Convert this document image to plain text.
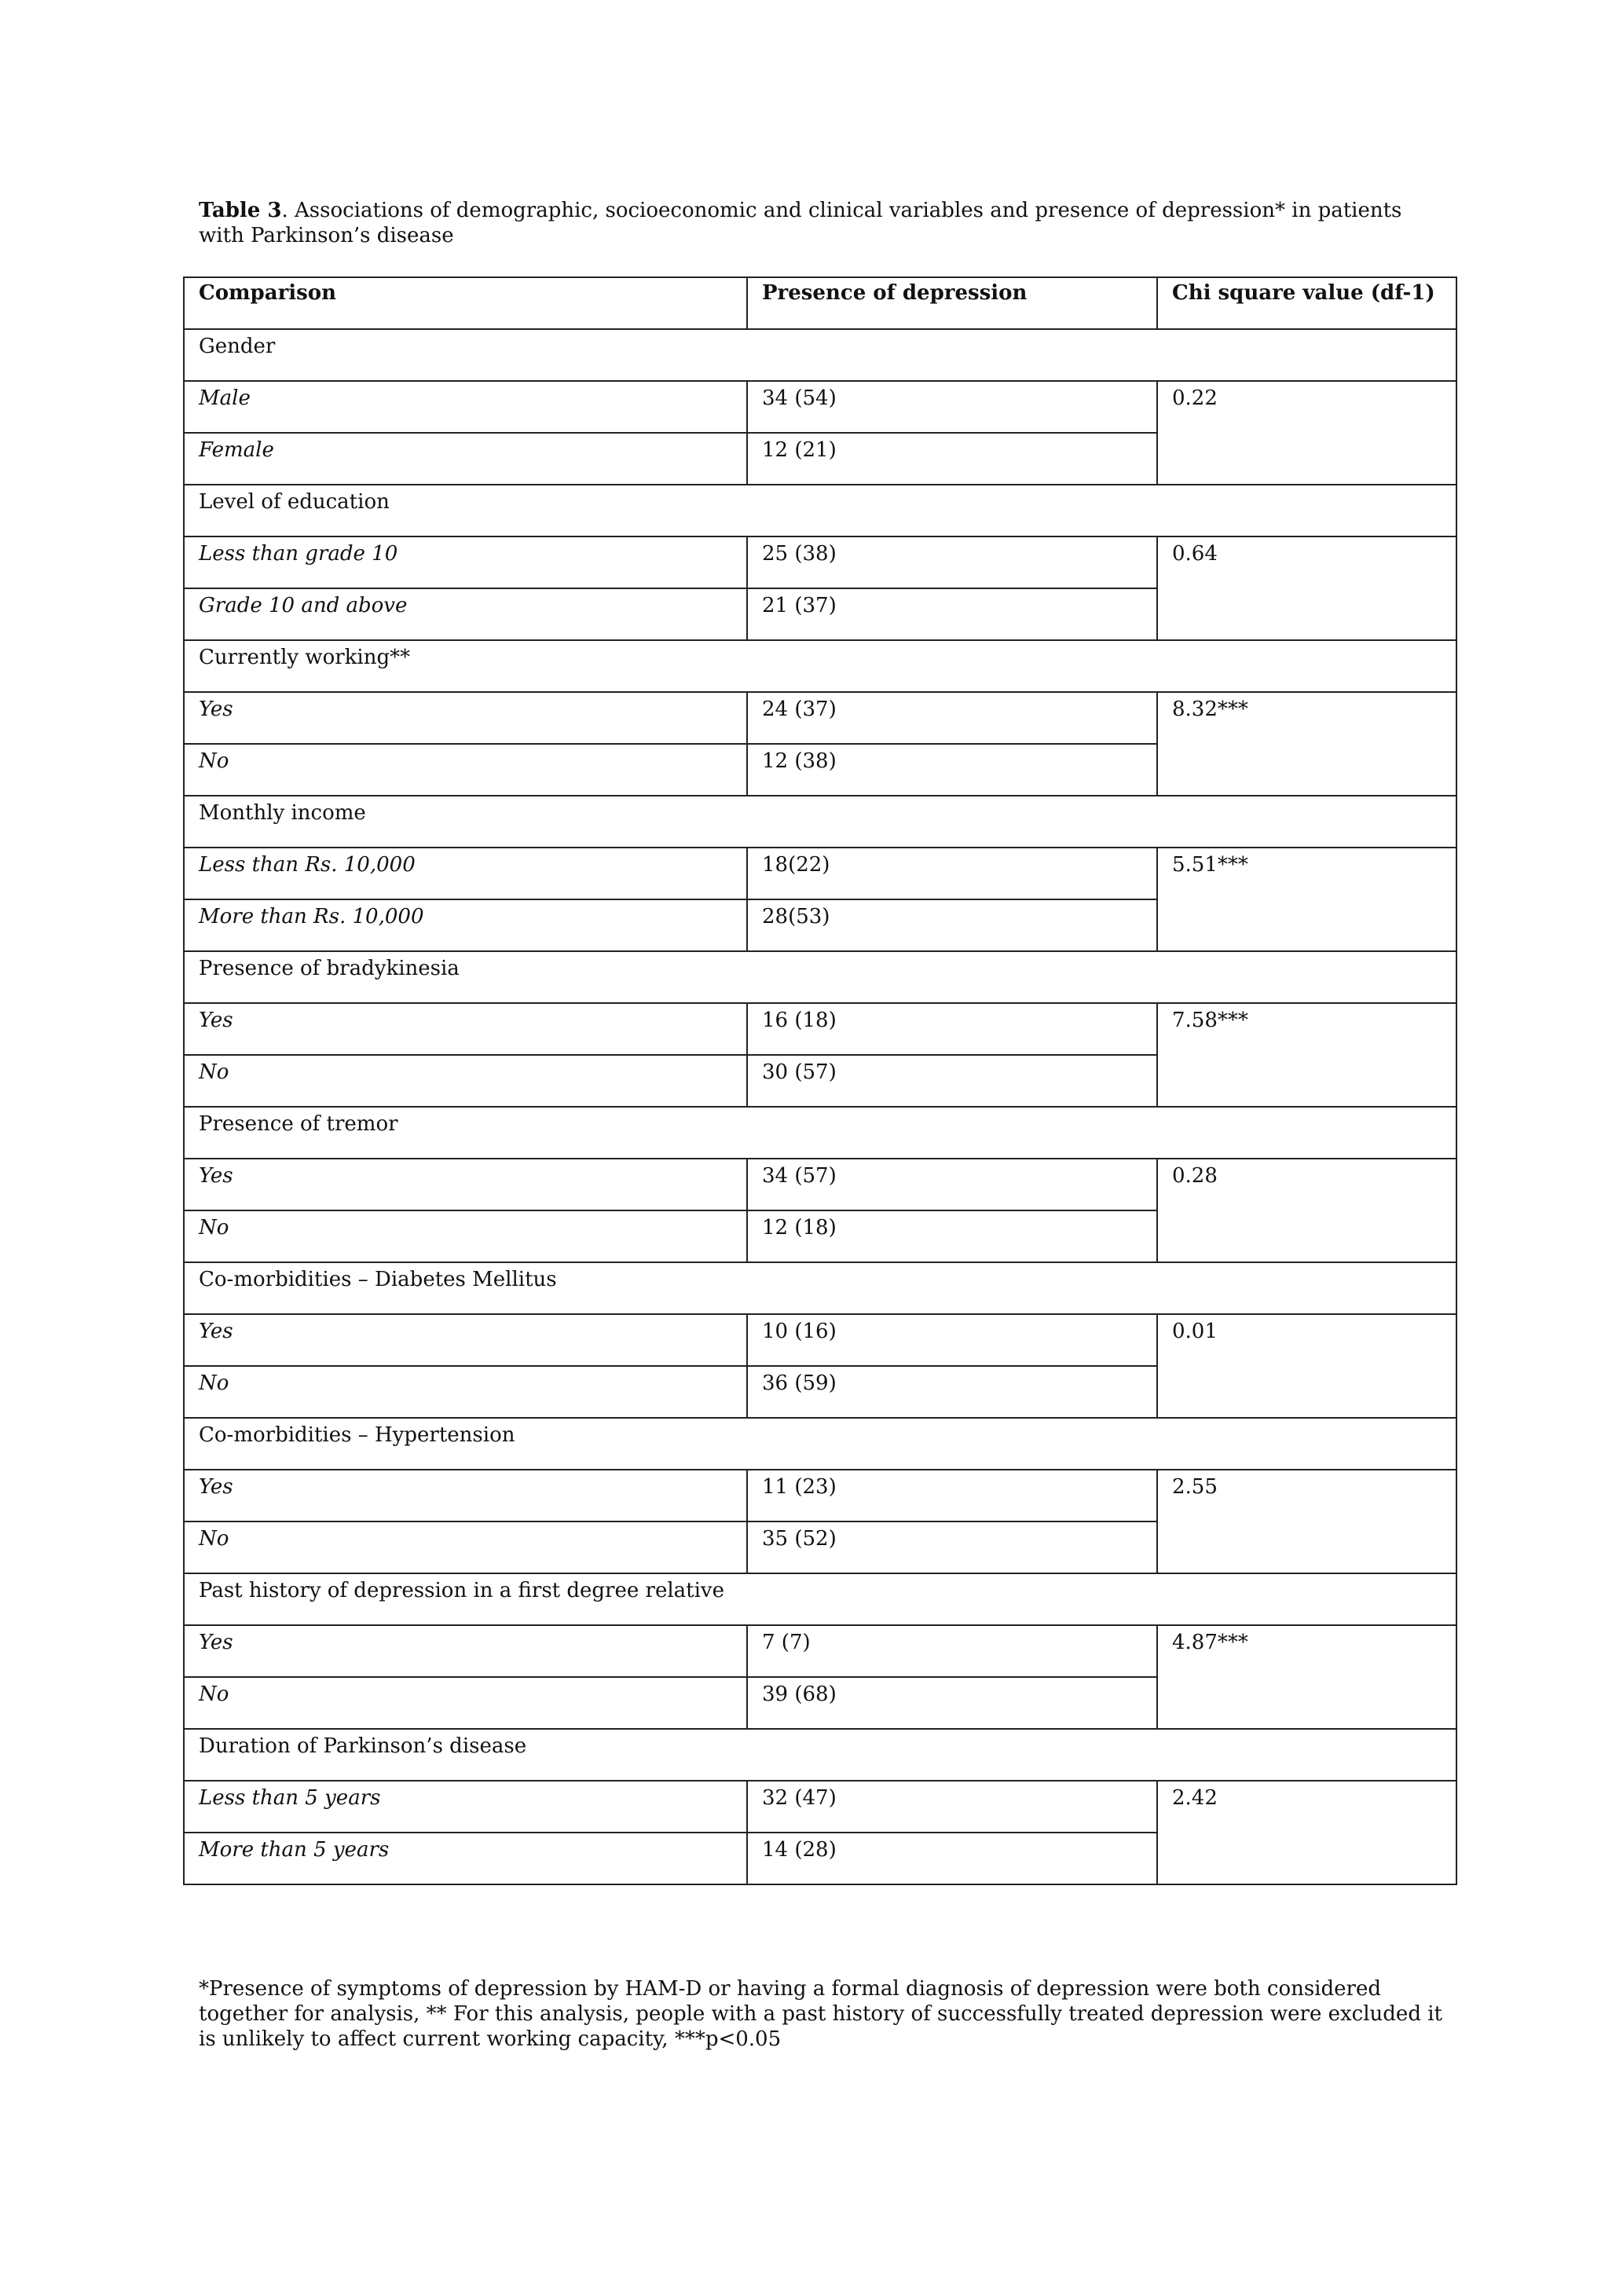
Table 3. Associations of demographic, socioeconomic and clinical variables and presence of depression* in patients with Parkinson’s disease
Comparison	Presence of depression	Chi square value (df-1)
Gender		
Male	34 (54)	0.22
Female	12 (21)	
Level of education		
Less than grade 10	25 (38)	0.64
Grade 10 and above	21 (37)	
Currently working**		
Yes	24 (37)	8.32***
No	12 (38)	
Monthly income		
Less than Rs. 10,000	18(22)	5.51***
More than Rs. 10,000	28(53)	
Presence of bradykinesia		
Yes	16 (18)	7.58***
No	30 (57)	
Presence of tremor		
Yes	34 (57)	0.28
No	12 (18)	
Co-morbidities – Diabetes Mellitus		
Yes	10 (16)	0.01
No	36 (59)	
Co-morbidities – Hypertension		
Yes	11 (23)	2.55
No	35 (52)	
Past history of depression in a first degree relative		
Yes	7 (7)	4.87***
No	39 (68)	
Duration of Parkinson’s disease		
Less than 5 years	32 (47)	2.42
More than 5 years	14 (28)	
*Presence of symptoms of depression by HAM-D or having a formal diagnosis of depression were both considered together for analysis, ** For this analysis, people with a past history of successfully treated depression were excluded it is unlikely to affect current working capacity, ***p<0.05
